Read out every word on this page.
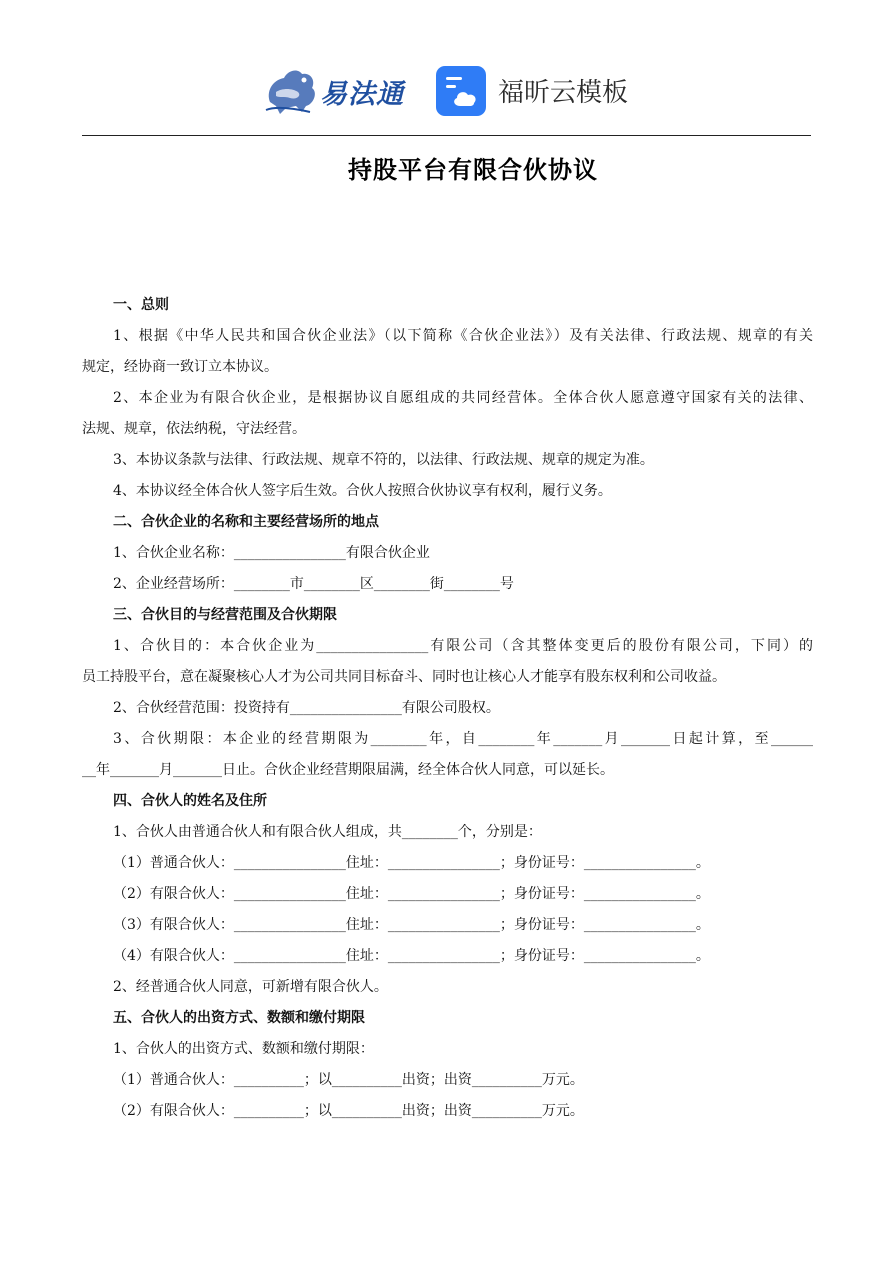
易法通	福昕云模板
持股平台有限合伙协议
一、总则
1、根据《中华人民共和国合伙企业法》（以下简称《合伙企业法》）及有关法律、行政法规、规章的有关
规定，经协商一致订立本协议。
2、本企业为有限合伙企业，是根据协议自愿组成的共同经营体。全体合伙人愿意遵守国家有关的法律、
法规、规章，依法纳税，守法经营。
3、本协议条款与法律、行政法规、规章不符的，以法律、行政法规、规章的规定为准。
4、本协议经全体合伙人签字后生效。合伙人按照合伙协议享有权利，履行义务。
二、合伙企业的名称和主要经营场所的地点
1、合伙企业名称：________________有限合伙企业
2、企业经营场所：________市________区________街________号
三、合伙目的与经营范围及合伙期限
1、合伙目的：本合伙企业为________________有限公司（含其整体变更后的股份有限公司，下同）的
员工持股平台，意在凝聚核心人才为公司共同目标奋斗、同时也让核心人才能享有股东权利和公司收益。
2、合伙经营范围：投资持有________________有限公司股权。
3、合伙期限：本企业的经营期限为________年，自________年_______月_______日起计算，至______
__年_______月_______日止。合伙企业经营期限届满，经全体合伙人同意，可以延长。
四、合伙人的姓名及住所
1、合伙人由普通合伙人和有限合伙人组成，共________个，分别是：
（1）普通合伙人：________________住址：________________；身份证号：________________。
（2）有限合伙人：________________住址：________________；身份证号：________________。
（3）有限合伙人：________________住址：________________；身份证号：________________。
（4）有限合伙人：________________住址：________________；身份证号：________________。
2、经普通合伙人同意，可新增有限合伙人。
五、合伙人的出资方式、数额和缴付期限
1、合伙人的出资方式、数额和缴付期限：
（1）普通合伙人：__________；以__________出资；出资__________万元。
（2）有限合伙人：__________；以__________出资；出资__________万元。
